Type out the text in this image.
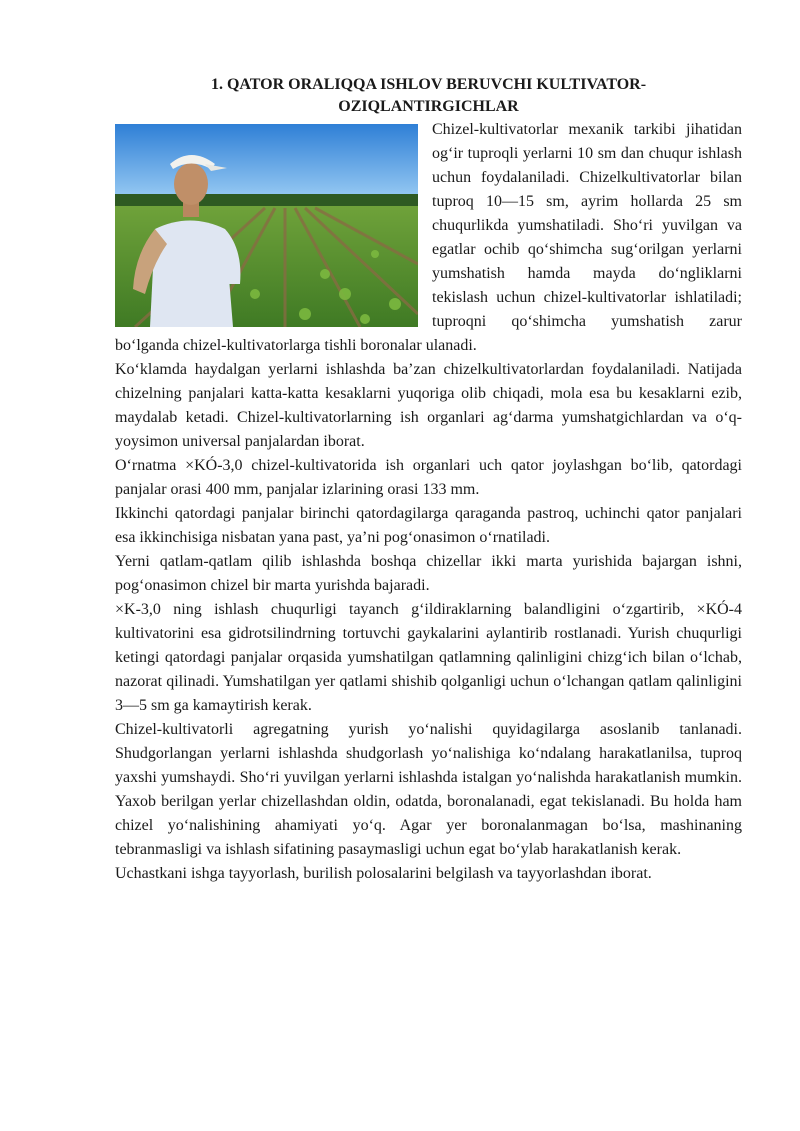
1. QATOR ORALIQQA ISHLOV BERUVCHI KULTIVATOR-OZIQLANTIRGICHLAR

Chizel-kultivatorlar mexanik tarkibi jihatidan og‘ir tuproqli yerlarni 10 sm dan chuqur ishlash uchun foydalaniladi. Chizelkultivatorlar bilan tuproq 10—15 sm, ayrim hollarda 25 sm chuqurlikda yumshatiladi. Sho‘ri yuvilgan va egatlar ochib qo‘shimcha sug‘orilgan yerlarni yumshatish hamda mayda do‘ngliklarni tekislash uchun chizel-kultivatorlar ishlatiladi; tuproqni qo‘shimcha yumshatish zarur bo‘lganda chizel-kultivatorlarga tishli boronalar ulanadi.

Ko‘klamda haydalgan yerlarni ishlashda ba’zan chizelkultivatorlardan foydalaniladi. Natijada chizelning panjalari katta-katta kesaklarni yuqoriga olib chiqadi, mola esa bu kesaklarni ezib, maydalab ketadi. Chizel-kultivatorlarning ish organlari ag‘darma yumshatgichlardan va o‘q-yoysimon universal panjalardan iborat.

O‘rnatma ×KÓ-3,0 chizel-kultivatorida ish organlari uch qator joylashgan bo‘lib, qatordagi panjalar orasi 400 mm, panjalar izlarining orasi 133 mm.

Ikkinchi qatordagi panjalar birinchi qatordagilarga qaraganda pastroq, uchinchi qator panjalari esa ikkinchisiga nisbatan yana past, ya’ni pog‘onasimon o‘rnatiladi.

Yerni qatlam-qatlam qilib ishlashda boshqa chizellar ikki marta yurishida bajargan ishni, pog‘onasimon chizel bir marta yurishda bajaradi.

×K-3,0 ning ishlash chuqurligi tayanch g‘ildiraklarning balandligini o‘zgartirib, ×KÓ-4 kultivatorini esa gidrotsilindrning tortuvchi gaykalarini aylantirib rostlanadi. Yurish chuqurligi ketingi qatordagi panjalar orqasida yumshatilgan qatlamning qalinligini chizg‘ich bilan o‘lchab, nazorat qilinadi. Yumshatilgan yer qatlami shishib qolganligi uchun o‘lchangan qatlam qalinligini 3—5 sm ga kamaytirish kerak.

Chizel-kultivatorli agregatning yurish yo‘nalishi quyidagilarga asoslanib tanlanadi. Shudgorlangan yerlarni ishlashda shudgorlash yo‘nalishiga ko‘ndalang harakatlanilsa, tuproq yaxshi yumshaydi. Sho‘ri yuvilgan yerlarni ishlashda istalgan yo‘nalishda harakatlanish mumkin. Yaxob berilgan yerlar chizellashdan oldin, odatda, boronalanadi, egat tekislanadi. Bu holda ham chizel yo‘nalishining ahamiyati yo‘q. Agar yer boronalanmagan bo‘lsa, mashinaning tebranmasligi va ishlash sifatining pasaymasligi uchun egat bo‘ylab harakatlanish kerak.

Uchastkani ishga tayyorlash, burilish polosalarini belgilash va tayyorlashdan iborat.
